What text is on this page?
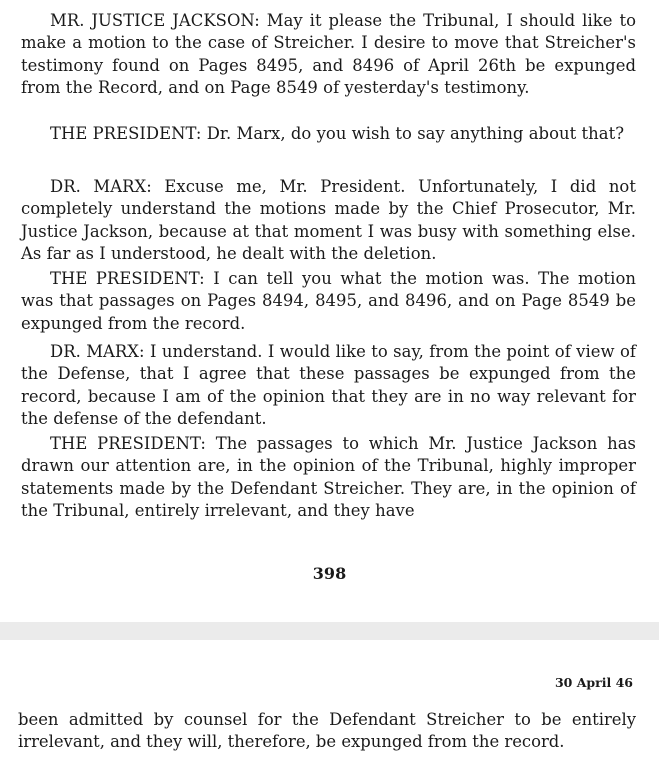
MR. JUSTICE JACKSON: May it please the Tribunal, I should like to make a motion to the case of Streicher. I desire to move that Streicher's testimony found on Pages 8495, and 8496 of April 26th be expunged from the Record, and on Page 8549 of yesterday's testimony.

THE PRESIDENT: Dr. Marx, do you wish to say anything about that?

DR. MARX: Excuse me, Mr. President. Unfortunately, I did not completely understand the motions made by the Chief Prosecutor, Mr. Justice Jackson, because at that moment I was busy with something else. As far as I understood, he dealt with the deletion.

THE PRESIDENT: I can tell you what the motion was. The motion was that passages on Pages 8494, 8495, and 8496, and on Page 8549 be expunged from the record.

DR. MARX: I understand. I would like to say, from the point of view of the Defense, that I agree that these passages be expunged from the record, because I am of the opinion that they are in no way relevant for the defense of the defendant.

THE PRESIDENT: The passages to which Mr. Justice Jackson has drawn our attention are, in the opinion of the Tribunal, highly improper statements made by the Defendant Streicher. They are, in the opinion of the Tribunal, entirely irrelevant, and they have

398
30 April 46

been admitted by counsel for the Defendant Streicher to be entirely irrelevant, and they will, therefore, be expunged from the record.
